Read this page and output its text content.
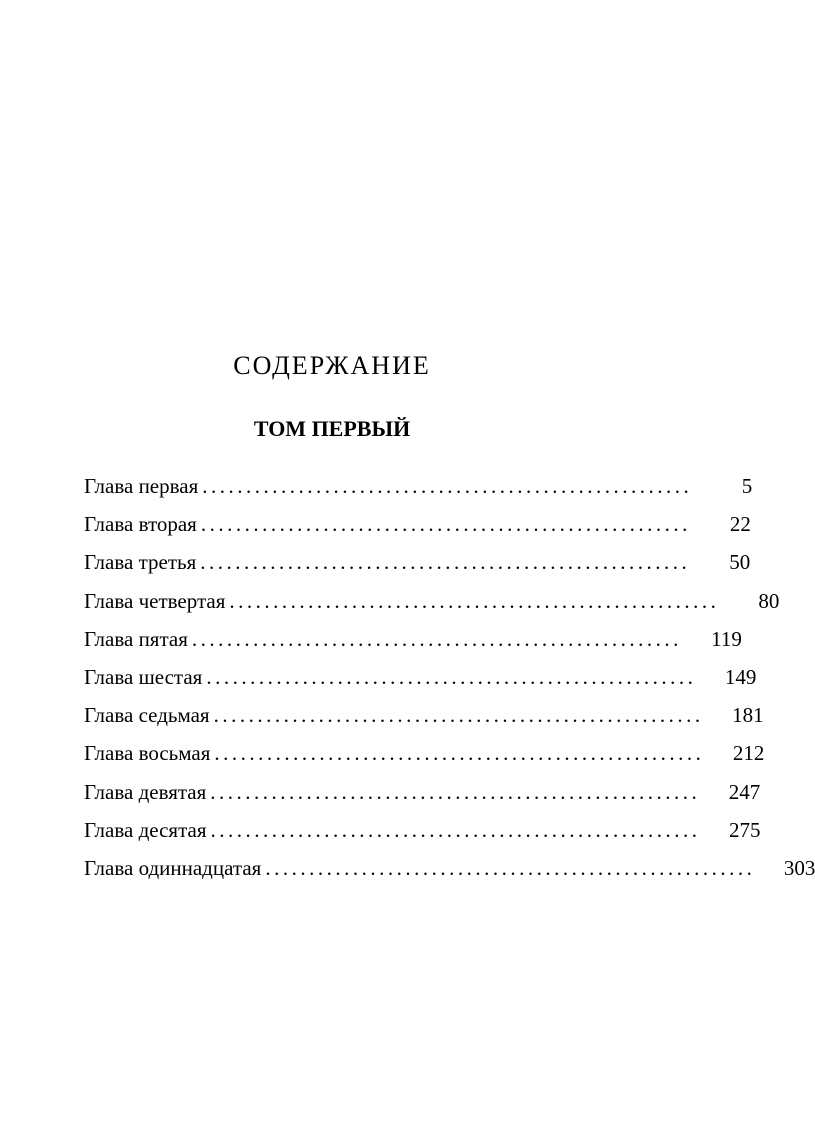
СОДЕРЖАНИЕ
ТОМ ПЕРВЫЙ
Глава первая ........................................................	5
Глава вторая ........................................................	22
Глава третья ........................................................	50
Глава четвертая ........................................................	80
Глава пятая ........................................................ 119
Глава шестая ........................................................ 149
Глава седьмая ........................................................ 181
Глава восьмая ........................................................ 212
Глава девятая ........................................................ 247
Глава десятая ........................................................ 275
Глава одиннадцатая ........................................................ 303
